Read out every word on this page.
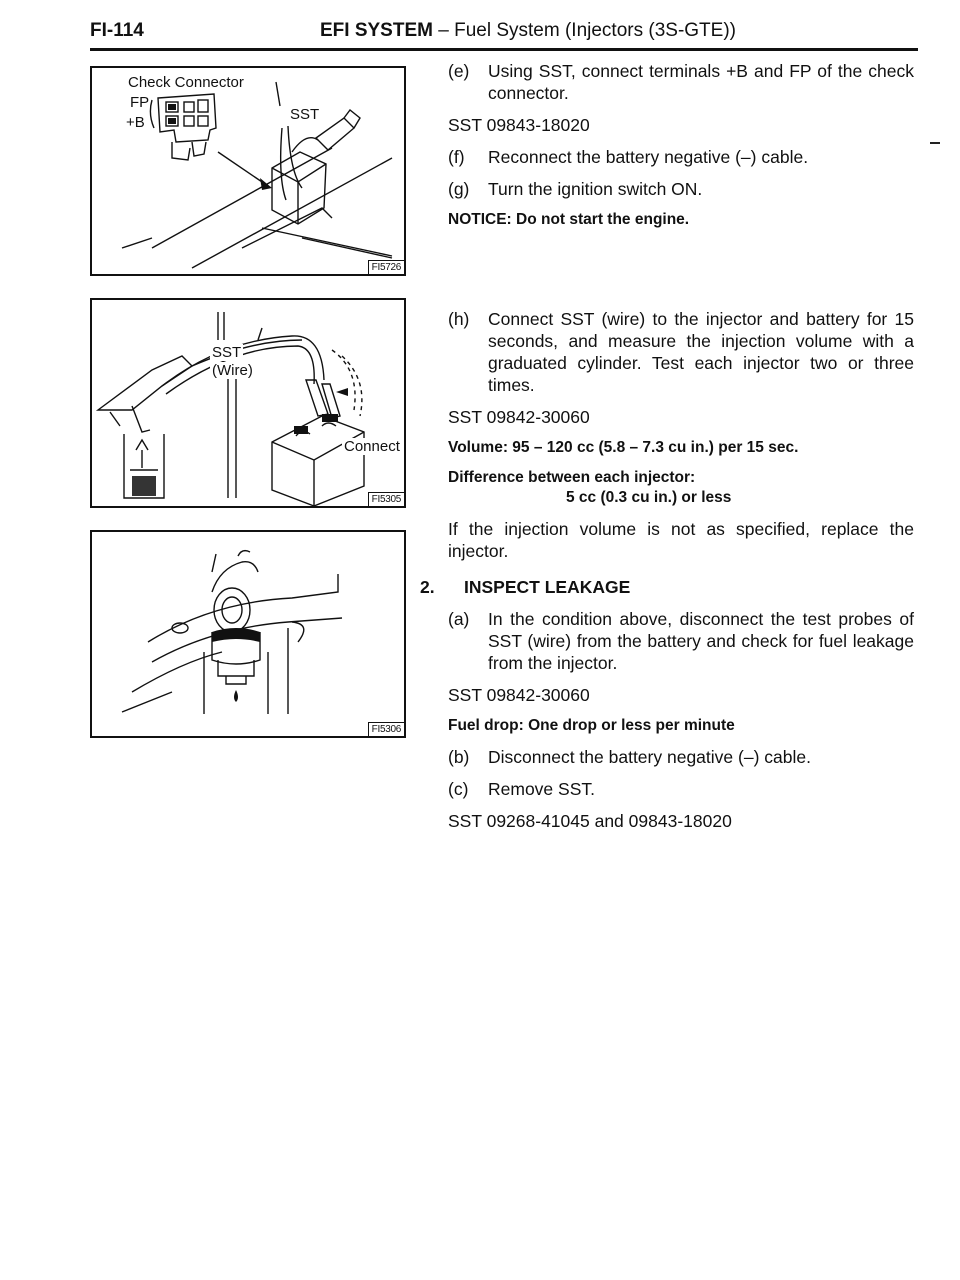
FI-114	EFI SYSTEM – Fuel System (Injectors (3S-GTE))
Check Connector
FP
+B	SST
FI5726
SST
(Wire)
Connect
FI5305
FI5306
(e) Using SST, connect terminals +B and FP of the check connector.

SST 09843-18020
(f) Reconnect the battery negative (–) cable.

(g) Turn the ignition switch ON.

NOTICE: Do not start the engine.
(h) Connect SST (wire) to the injector and battery for 15 seconds, and measure the injection volume with a graduated cylinder. Test each injector two or three times.

SST 09842-30060
Volume: 95 – 120 cc (5.8 – 7.3 cu in.) per 15 sec.
Difference between each injector:
5 cc (0.3 cu in.) or less
If the injection volume is not as specified, replace the injector.
2. INSPECT LEAKAGE
(a) In the condition above, disconnect the test probes of SST (wire) from the battery and check for fuel leakage from the injector.

SST 09842-30060
Fuel drop: One drop or less per minute
(b) Disconnect the battery negative (–) cable.

(c) Remove SST.

SST 09268-41045 and 09843-18020
